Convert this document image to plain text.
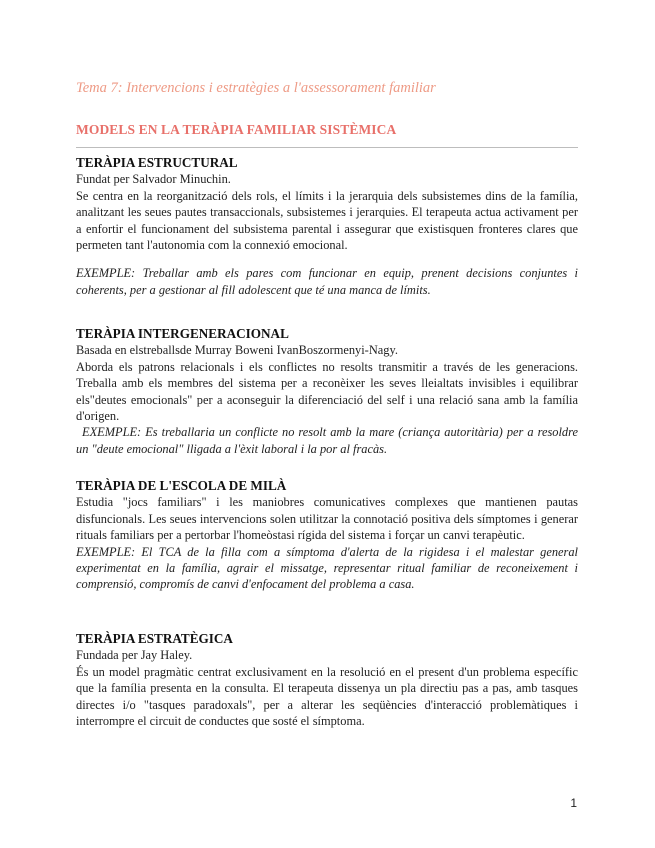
Tema 7: Intervencions i estratègies a l'assessorament familiar
MODELS EN LA TERÀPIA FAMILIAR SISTÈMICA
TERÀPIA ESTRUCTURAL

Fundat per Salvador Minuchin.

Se centra en la reorganització dels rols, el límits i la jerarquia dels subsistemes dins de la família, analitzant les seues pautes transaccionals, subsistemes i jerarquies. El terapeuta actua activament per a enfortir el funcionament del subsistema parental i assegurar que existisquen fronteres clares que permeten tant l'autonomia com la connexió emocional.

EXEMPLE: Treballar amb els pares com funcionar en equip, prenent decisions conjuntes i coherents, per a gestionar al fill adolescent que té una manca de límits.

TERÀPIA INTERGENERACIONAL

Basada en elstreballsde Murray Boweni IvanBoszormenyi-Nagy.

Aborda els patrons relacionals i els conflictes no resolts transmitir a través de les generacions. Treballa amb els membres del sistema per a reconèixer les seves lleialtats invisibles i equilibrar els"deutes emocionals" per a aconseguir la diferenciació del self i una relació sana amb la família d'origen.

EXEMPLE: Es treballaria un conflicte no resolt amb la mare (criança autoritària) per a resoldre un "deute emocional" lligada a l'èxit laboral i la por al fracàs.

TERÀPIA DE L'ESCOLA DE MILÀ

Estudia "jocs familiars" i les maniobres comunicatives complexes que mantienen pautas disfuncionals. Les seues intervencions solen utilitzar la connotació positiva dels símptomes i generar rituals familiars per a pertorbar l'homeòstasi rígida del sistema i forçar un canvi terapèutic.

EXEMPLE: El TCA de la filla com a símptoma d'alerta de la rigidesa i el malestar general experimentat en la família, agrair el missatge, representar ritual familiar de reconeixement i comprensió, compromís de canvi d'enfocament del problema a casa.

TERÀPIA ESTRATÈGICA

Fundada per Jay Haley.

És un model pragmàtic centrat exclusivament en la resolució en el present d'un problema específic que la família presenta en la consulta. El terapeuta dissenya un pla directiu pas a pas, amb tasques directes i/o "tasques paradoxals", per a alterar les seqüències d'interacció problemàtiques i interrompre el circuit de conductes que sosté el símptoma.

1
